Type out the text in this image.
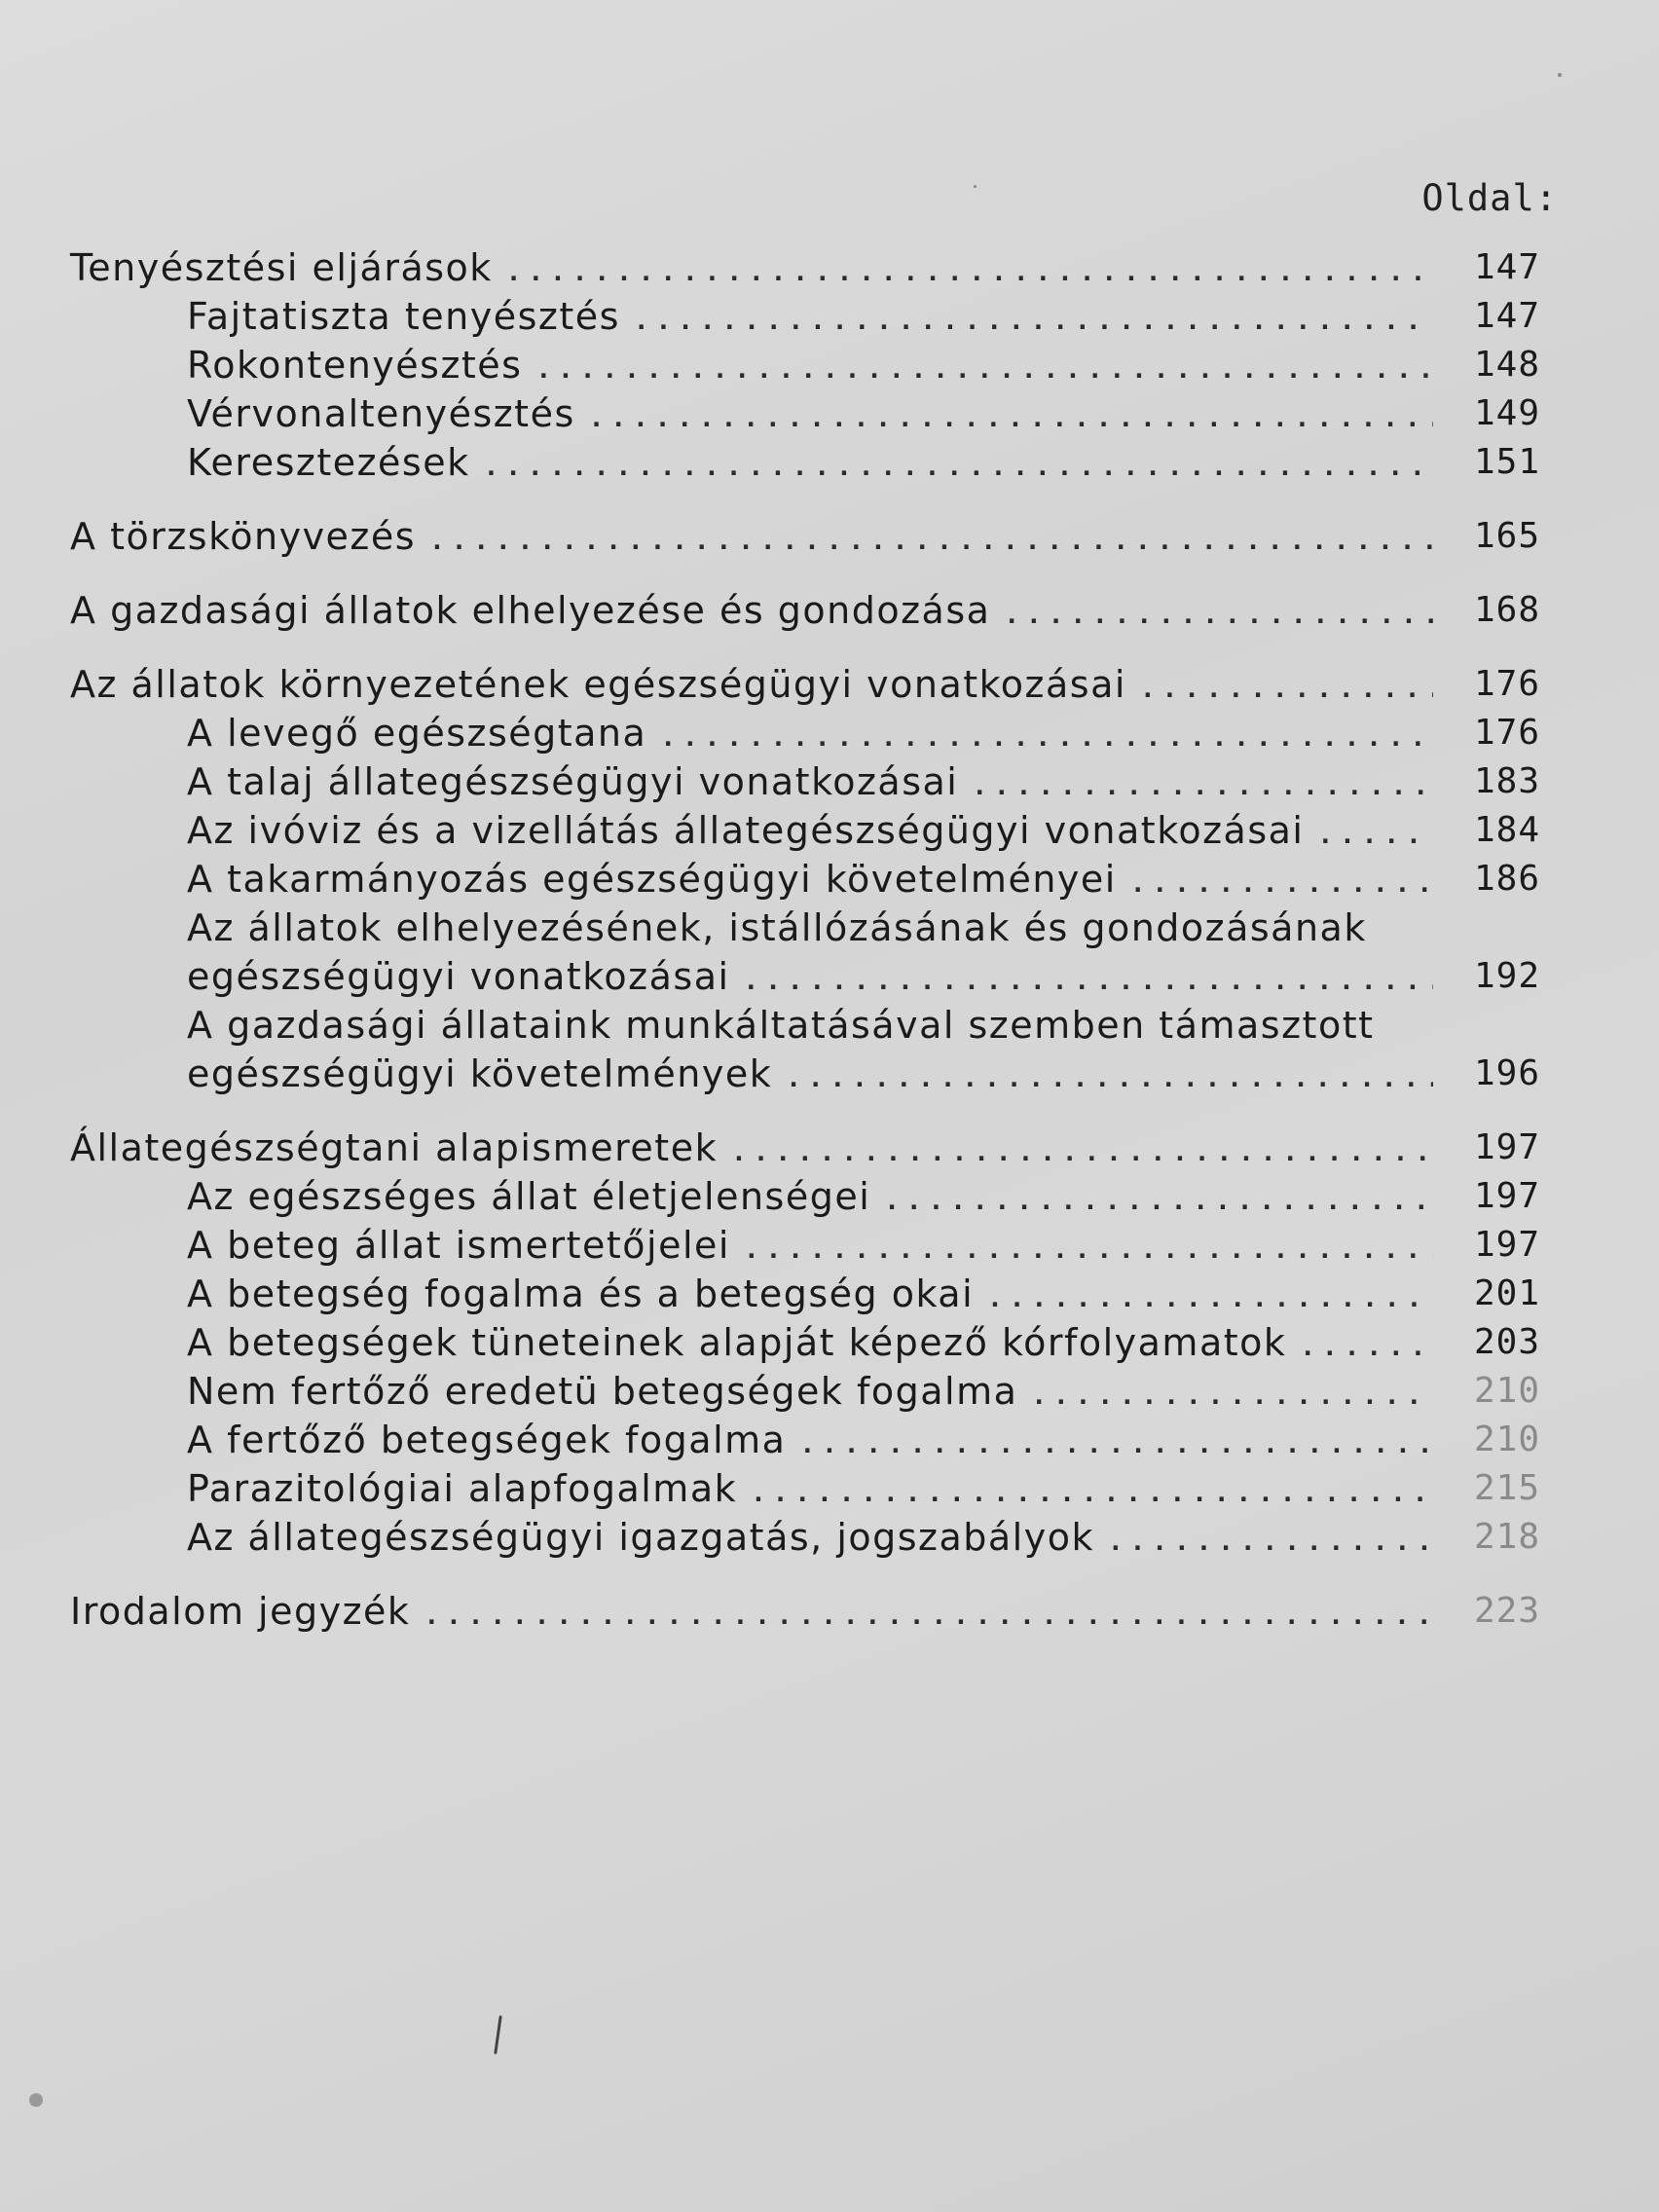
Oldal:
Tenyésztési eljárások .....	147
Fajtatiszta tenyésztés .....	147
Rokontenyésztés .....	148
Vérvonaltenyésztés .....	149
Keresztezések .....	151
A törzskönyvezés .....	165
A gazdasági állatok elhelyezése és gondozása .....	168
Az állatok környezetének egészségügyi vonatkozásai .....	176
A levegő egészségtana .....	176
A talaj állategészségügyi vonatkozásai .....	183
Az ivóviz és a vizellátás állategészségügyi vonatkozásai .....	184
A takarmányozás egészségügyi követelményei .....	186
Az állatok elhelyezésének, istállózásának és gondozásának
egészségügyi vonatkozásai .....	192
A gazdasági állataink munkáltatásával szemben támasztott
egészségügyi követelmények .....	196
Állategészségtani alapismeretek .....	197
Az egészséges állat életjelenségei .....	197
A beteg állat ismertetőjelei .....	197
A betegség fogalma és a betegség okai .....	201
A betegségek tüneteinek alapját képező kórfolyamatok .....	203
Nem fertőző eredetü betegségek fogalma .....	210
A fertőző betegségek fogalma .....	210
Parazitológiai alapfogalmak .....	215
Az állategészségügyi igazgatás, jogszabályok .....	218
Irodalom jegyzék .....	223
